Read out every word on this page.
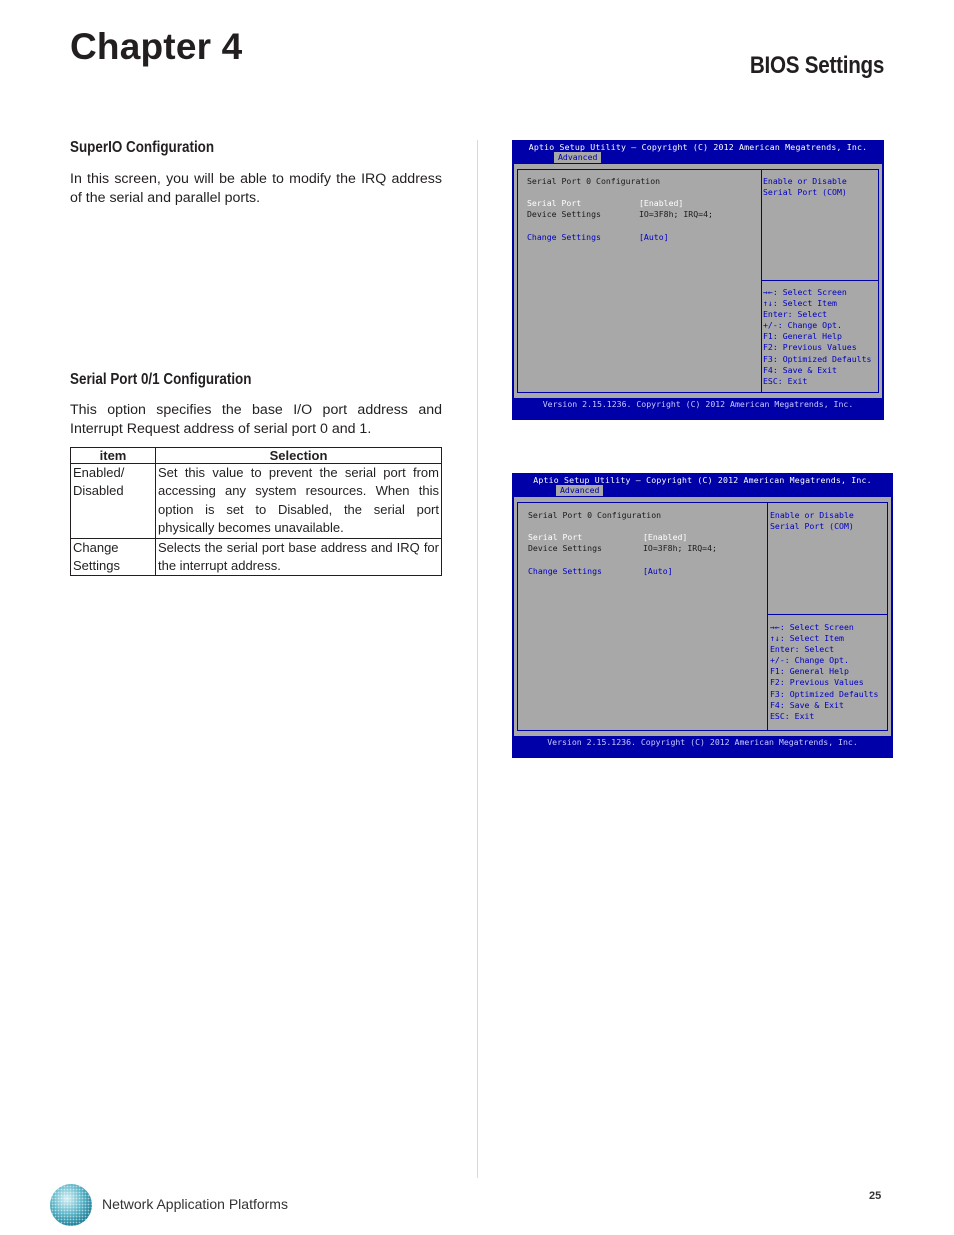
Chapter 4	BIOS Settings
SuperIO Configuration

In this screen, you will be able to modify the IRQ address of the serial and parallel ports.

Serial Port 0/1 Configuration

This option specifies the base I/O port address and Interrupt Request address of serial port 0 and 1.

item	Selection
Enabled/ Disabled	Set this value to prevent the serial port from accessing any system resources. When this option is set to Disabled, the serial port physically becomes unavailable.
Change Settings	Selects the serial port base address and IRQ for the interrupt address.
Aptio Setup Utility – Copyright (C) 2012 American Megatrends, Inc.
Advanced
Serial Port 0 Configuration
Serial Port	[Enabled]
Device Settings	IO=3F8h; IRQ=4;
Change Settings	[Auto]
Enable or Disable
Serial Port (COM)
→←: Select Screen
↑↓: Select Item
Enter: Select
+/-: Change Opt.
F1: General Help
F2: Previous Values
F3: Optimized Defaults
F4: Save & Exit
ESC: Exit
Version 2.15.1236. Copyright (C) 2012 American Megatrends, Inc.
Aptio Setup Utility – Copyright (C) 2012 American Megatrends, Inc.
Advanced
Serial Port 0 Configuration
Serial Port	[Enabled]
Device Settings	IO=3F8h; IRQ=4;
Change Settings	[Auto]
Enable or Disable
Serial Port (COM)
→←: Select Screen
↑↓: Select Item
Enter: Select
+/-: Change Opt.
F1: General Help
F2: Previous Values
F3: Optimized Defaults
F4: Save & Exit
ESC: Exit
Version 2.15.1236. Copyright (C) 2012 American Megatrends, Inc.
Network Application Platforms	25
